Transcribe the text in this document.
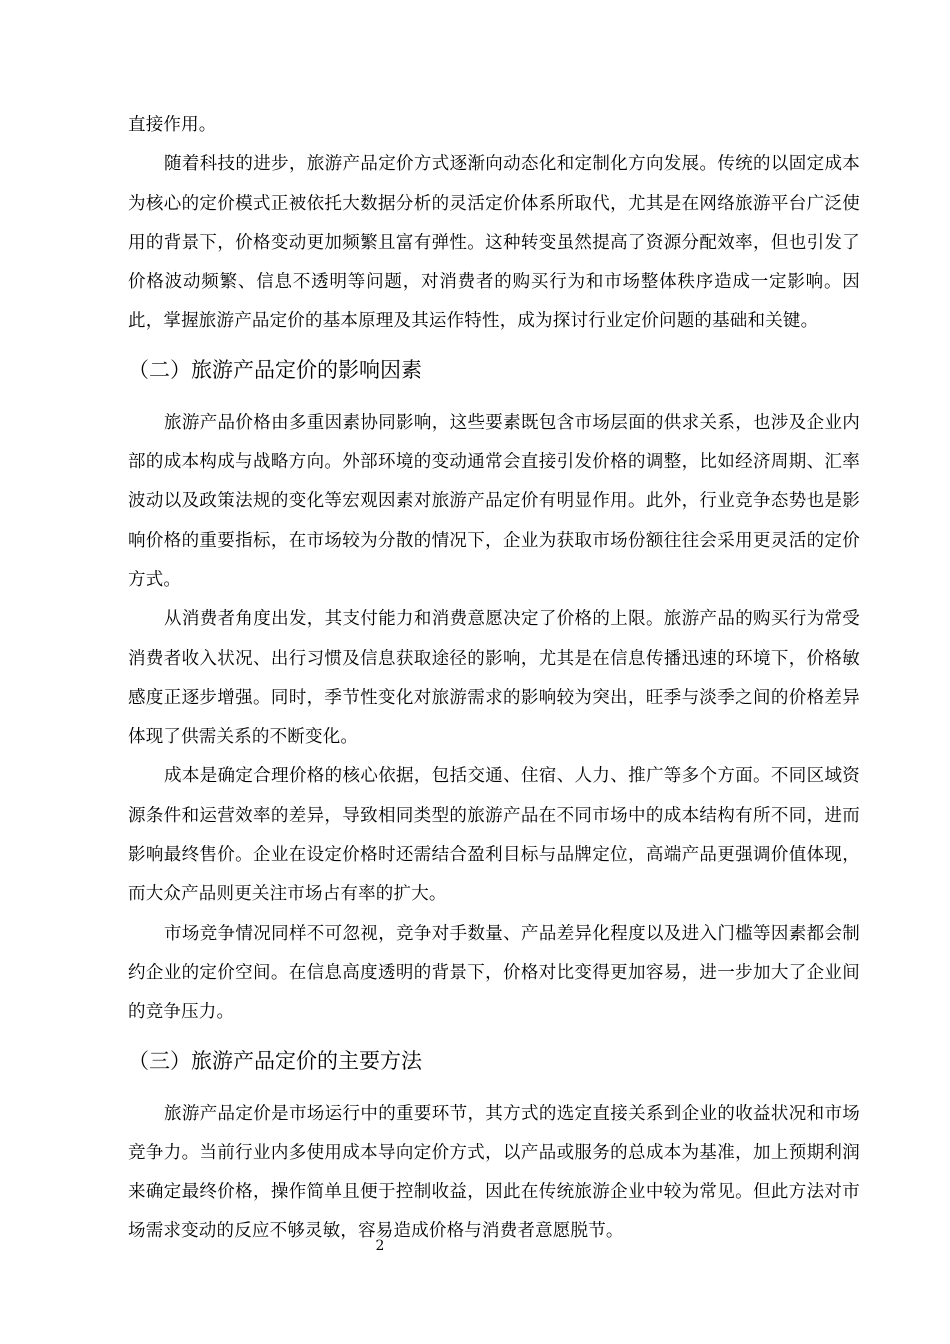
直接作用。

随着科技的进步，旅游产品定价方式逐渐向动态化和定制化方向发展。传统的以固定成本为核心的定价模式正被依托大数据分析的灵活定价体系所取代，尤其是在网络旅游平台广泛使用的背景下，价格变动更加频繁且富有弹性。这种转变虽然提高了资源分配效率，但也引发了价格波动频繁、信息不透明等问题，对消费者的购买行为和市场整体秩序造成一定影响。因此，掌握旅游产品定价的基本原理及其运作特性，成为探讨行业定价问题的基础和关键。

（二）旅游产品定价的影响因素

旅游产品价格由多重因素协同影响，这些要素既包含市场层面的供求关系，也涉及企业内部的成本构成与战略方向。外部环境的变动通常会直接引发价格的调整，比如经济周期、汇率波动以及政策法规的变化等宏观因素对旅游产品定价有明显作用。此外，行业竞争态势也是影响价格的重要指标，在市场较为分散的情况下，企业为获取市场份额往往会采用更灵活的定价方式。

从消费者角度出发，其支付能力和消费意愿决定了价格的上限。旅游产品的购买行为常受消费者收入状况、出行习惯及信息获取途径的影响，尤其是在信息传播迅速的环境下，价格敏感度正逐步增强。同时，季节性变化对旅游需求的影响较为突出，旺季与淡季之间的价格差异体现了供需关系的不断变化。

成本是确定合理价格的核心依据，包括交通、住宿、人力、推广等多个方面。不同区域资源条件和运营效率的差异，导致相同类型的旅游产品在不同市场中的成本结构有所不同，进而影响最终售价。企业在设定价格时还需结合盈利目标与品牌定位，高端产品更强调价值体现，而大众产品则更关注市场占有率的扩大。

市场竞争情况同样不可忽视，竞争对手数量、产品差异化程度以及进入门槛等因素都会制约企业的定价空间。在信息高度透明的背景下，价格对比变得更加容易，进一步加大了企业间的竞争压力。

（三）旅游产品定价的主要方法

旅游产品定价是市场运行中的重要环节，其方式的选定直接关系到企业的收益状况和市场竞争力。当前行业内多使用成本导向定价方式，以产品或服务的总成本为基准，加上预期利润来确定最终价格，操作简单且便于控制收益，因此在传统旅游企业中较为常见。但此方法对市场需求变动的反应不够灵敏，容易造成价格与消费者意愿脱节。

2
